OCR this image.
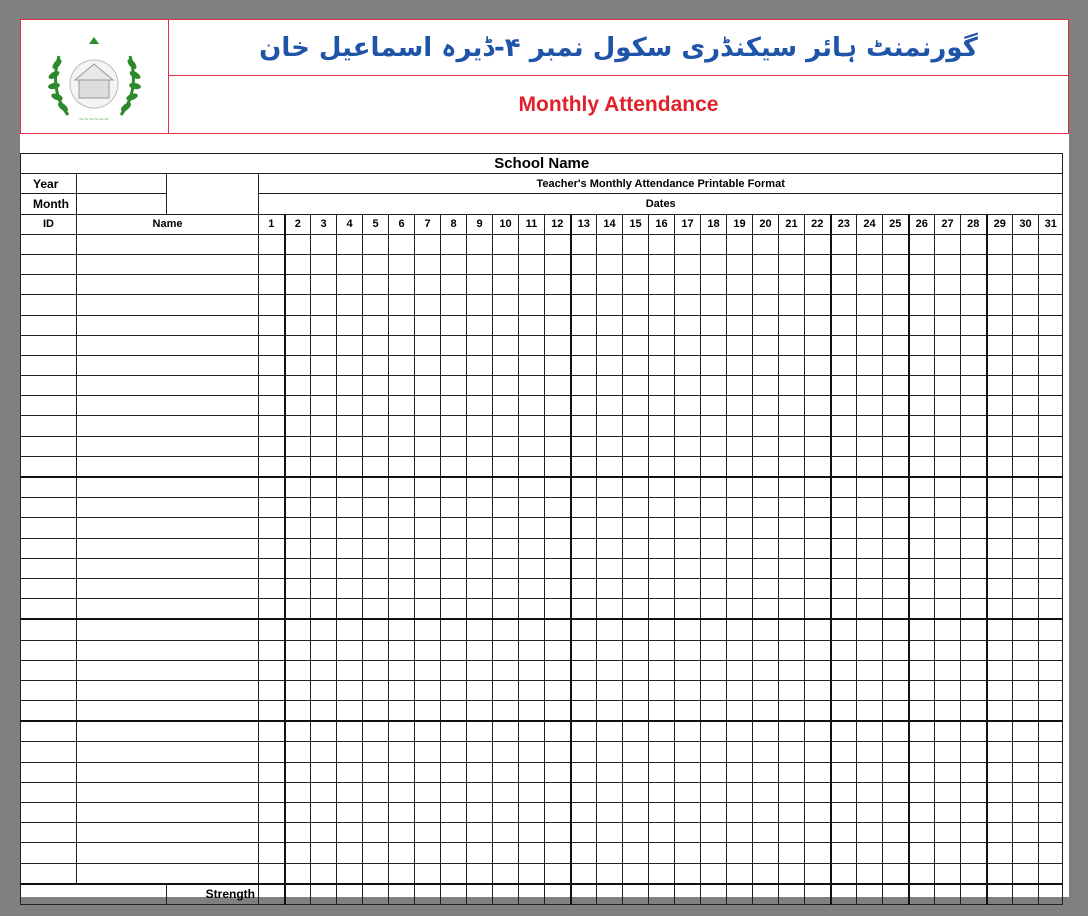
~~~~~~
گورنمنٹ ہائر سیکنڈری سکول نمبر ۴-ڈیرہ اسماعیل خان
Monthly Attendance
School Name																																	
Year			Teacher's Monthly Attendance Printable Format																														
Month			Dates																														
ID	Name		1	2	3	4	5	6	7	8	9	10	11	12	13	14	15	16	17	18	19	20	21	22	23	24	25	26	27	28	29	30	31

		Strength																															
